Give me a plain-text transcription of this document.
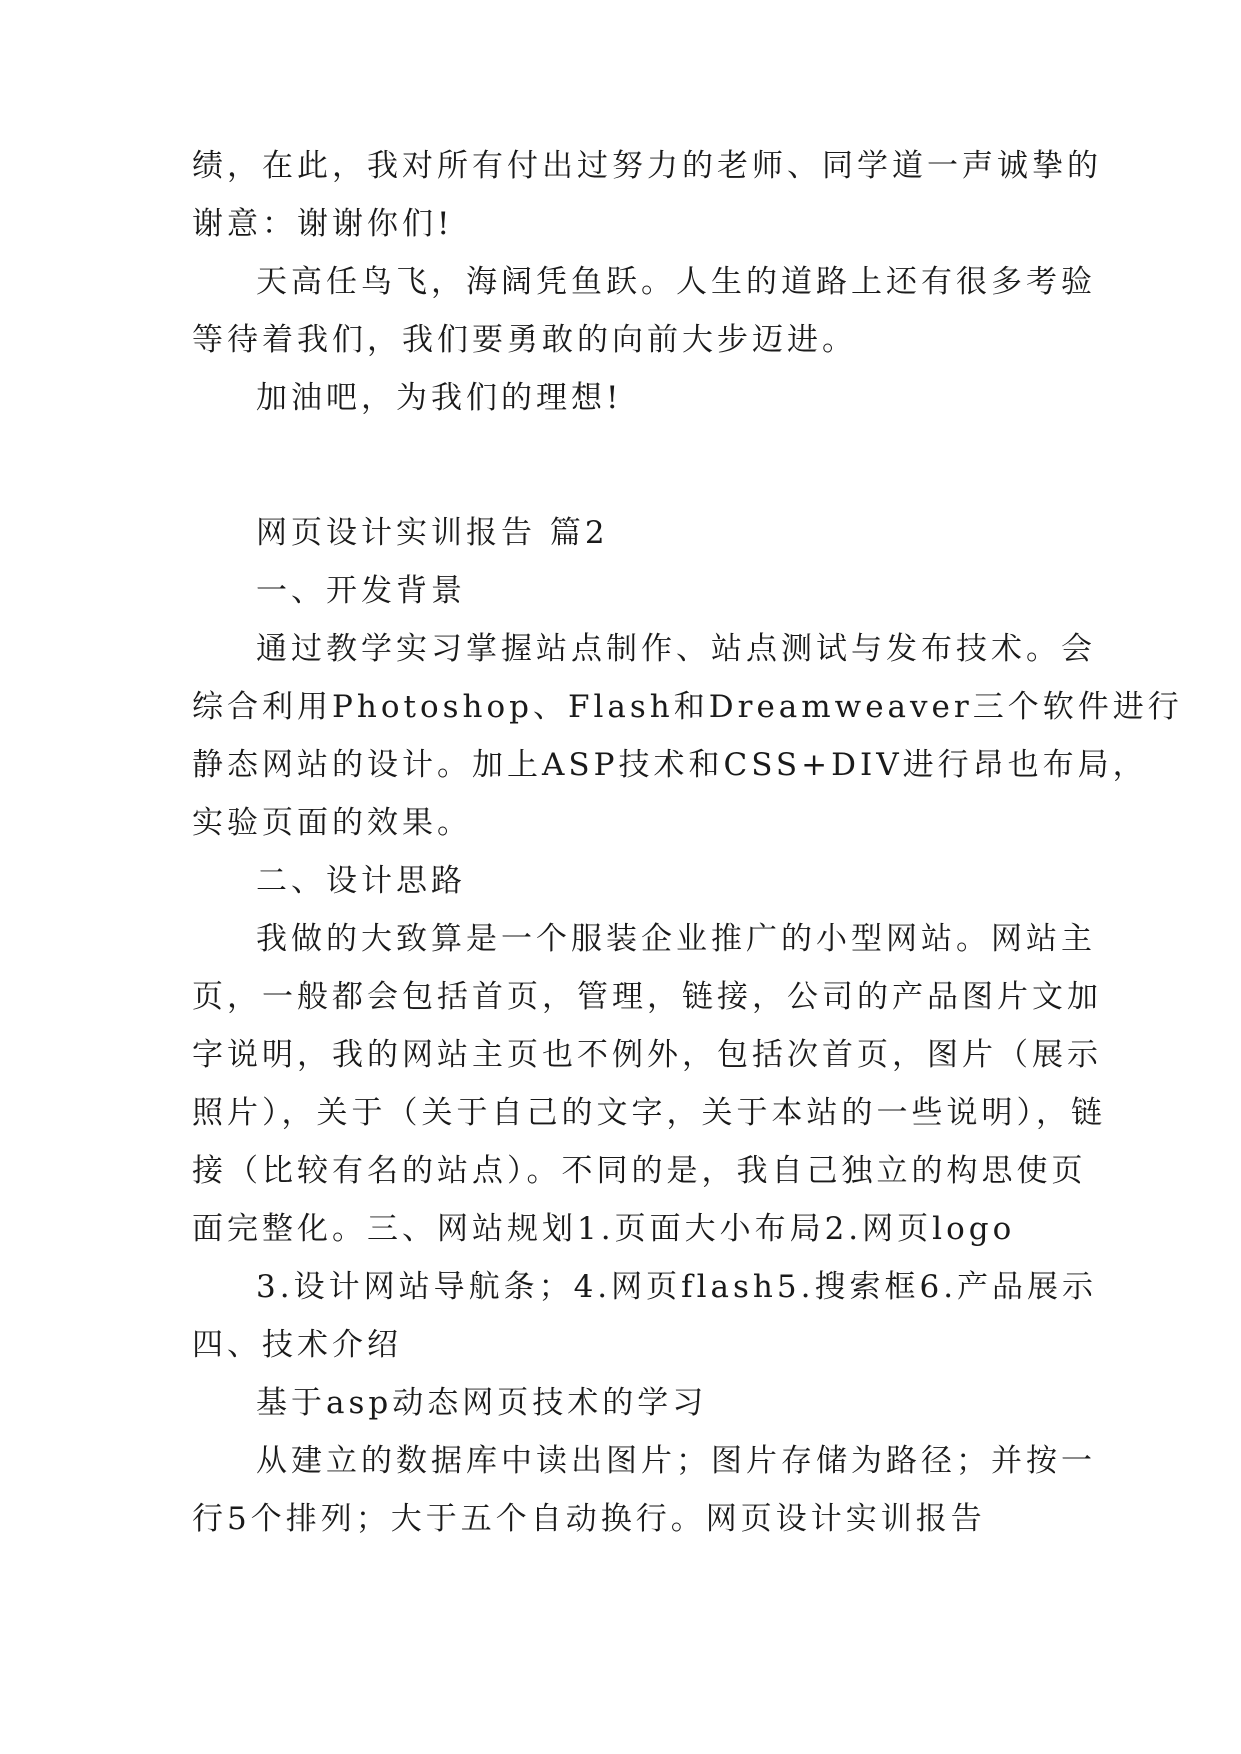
绩，在此，我对所有付出过努力的老师、同学道一声诚挚的
谢意：谢谢你们!
天高任鸟飞，海阔凭鱼跃。人生的道路上还有很多考验
等待着我们，我们要勇敢的向前大步迈进。
加油吧，为我们的理想!
网页设计实训报告 篇2
一、开发背景
通过教学实习掌握站点制作、站点测试与发布技术。会
综合利用Photoshop、Flash和Dreamweaver三个软件进行
静态网站的设计。加上ASP技术和CSS+DIV进行昂也布局，
实验页面的效果。
二、设计思路
我做的大致算是一个服装企业推广的小型网站。网站主
页，一般都会包括首页，管理，链接，公司的产品图片文加
字说明，我的网站主页也不例外，包括次首页，图片（展示
照片），关于（关于自己的文字，关于本站的一些说明），链
接（比较有名的站点）。不同的是，我自己独立的构思使页
面完整化。三、网站规划1.页面大小布局2.网页logo
3.设计网站导航条；4.网页flash5.搜索框6.产品展示
四、技术介绍
基于asp动态网页技术的学习
从建立的数据库中读出图片；图片存储为路径；并按一
行5个排列；大于五个自动换行。网页设计实训报告
